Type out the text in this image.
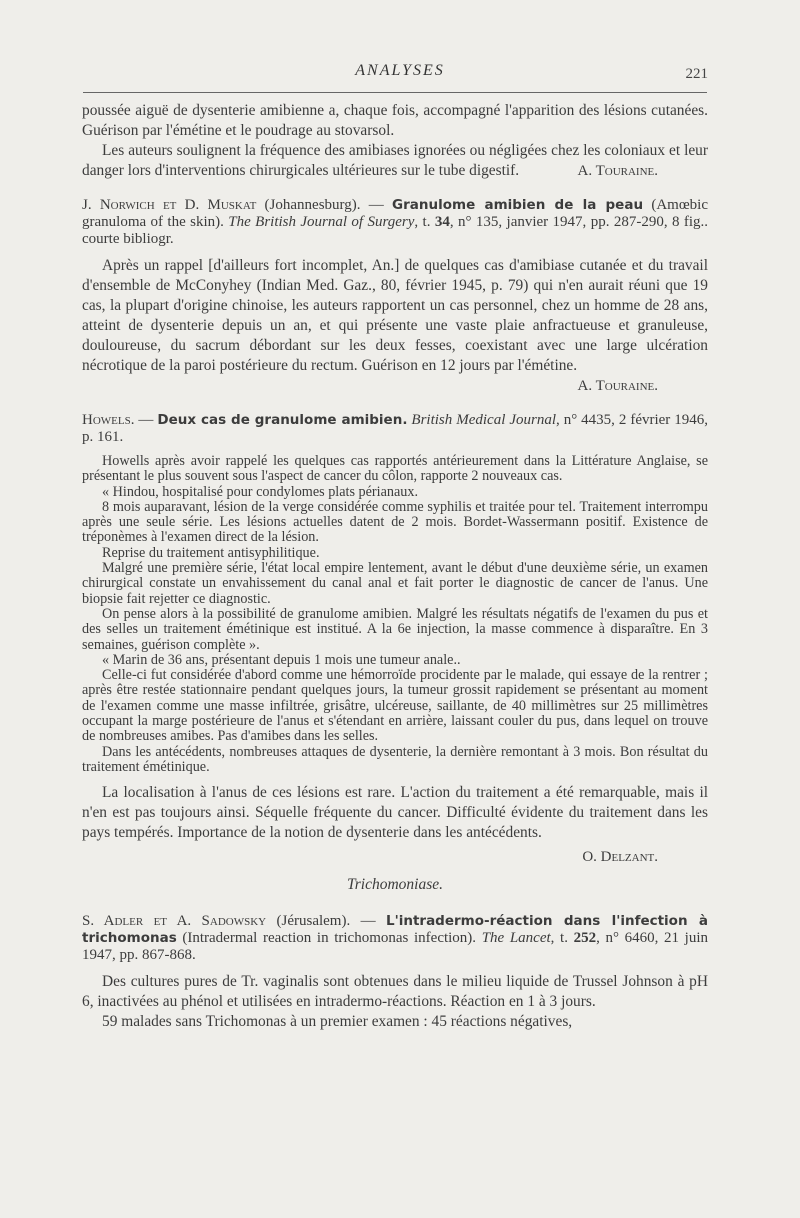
ANALYSES	221

poussée aiguë de dysenterie amibienne a, chaque fois, accompagné l'apparition des lésions cutanées. Guérison par l'émétine et le poudrage au stovarsol.

Les auteurs soulignent la fréquence des amibiases ignorées ou négligées chez les coloniaux et leur danger lors d'interventions chirurgicales ultérieures sur le tube digestif.	A. Touraine.

J. Norwich et D. Muskat (Johannesburg). — Granulome amibien de la peau (Amœbic granuloma of the skin). The British Journal of Surgery, t. 34, n° 135, janvier 1947, pp. 287-290, 8 fig.. courte bibliogr.

Après un rappel [d'ailleurs fort incomplet, An.] de quelques cas d'amibiase cutanée et du travail d'ensemble de McConyhey (Indian Med. Gaz., 80, février 1945, p. 79) qui n'en aurait réuni que 19 cas, la plupart d'origine chinoise, les auteurs rapportent un cas personnel, chez un homme de 28 ans, atteint de dysenterie depuis un an, et qui présente une vaste plaie anfractueuse et granuleuse, douloureuse, du sacrum débordant sur les deux fesses, coexistant avec une large ulcération nécrotique de la paroi postérieure du rectum. Guérison en 12 jours par l'émétine.

A. Touraine.

Howels. — Deux cas de granulome amibien. British Medical Journal, n° 4435, 2 février 1946, p. 161.

Howells après avoir rappelé les quelques cas rapportés antérieurement dans la Littérature Anglaise, se présentant le plus souvent sous l'aspect de cancer du côlon, rapporte 2 nouveaux cas.

« Hindou, hospitalisé pour condylomes plats périanaux.

8 mois auparavant, lésion de la verge considérée comme syphilis et traitée pour tel. Traitement interrompu après une seule série. Les lésions actuelles datent de 2 mois. Bordet-Wassermann positif. Existence de tréponèmes à l'examen direct de la lésion.

Reprise du traitement antisyphilitique.

Malgré une première série, l'état local empire lentement, avant le début d'une deuxième série, un examen chirurgical constate un envahissement du canal anal et fait porter le diagnostic de cancer de l'anus. Une biopsie fait rejetter ce diagnostic.

On pense alors à la possibilité de granulome amibien. Malgré les résultats négatifs de l'examen du pus et des selles un traitement émétinique est institué. A la 6e injection, la masse commence à disparaître. En 3 semaines, guérison complète ».

« Marin de 36 ans, présentant depuis 1 mois une tumeur anale..

Celle-ci fut considérée d'abord comme une hémorroïde procidente par le malade, qui essaye de la rentrer ; après être restée stationnaire pendant quelques jours, la tumeur grossit rapidement se présentant au moment de l'examen comme une masse infiltrée, grisâtre, ulcéreuse, saillante, de 40 millimètres sur 25 millimètres occupant la marge postérieure de l'anus et s'étendant en arrière, laissant couler du pus, dans lequel on trouve de nombreuses amibes. Pas d'amibes dans les selles.

Dans les antécédents, nombreuses attaques de dysenterie, la dernière remontant à 3 mois. Bon résultat du traitement émétinique.

La localisation à l'anus de ces lésions est rare. L'action du traitement a été remarquable, mais il n'en est pas toujours ainsi. Séquelle fréquente du cancer. Difficulté évidente du traitement dans les pays tempérés. Importance de la notion de dysenterie dans les antécédents.

O. Delzant.

Trichomoniase.

S. Adler et A. Sadowsky (Jérusalem). — L'intradermo-réaction dans l'infection à trichomonas (Intradermal reaction in trichomonas infection). The Lancet, t. 252, n° 6460, 21 juin 1947, pp. 867-868.

Des cultures pures de Tr. vaginalis sont obtenues dans le milieu liquide de Trussel Johnson à pH 6, inactivées au phénol et utilisées en intradermo-réactions. Réaction en 1 à 3 jours.

59 malades sans Trichomonas à un premier examen : 45 réactions négatives,
